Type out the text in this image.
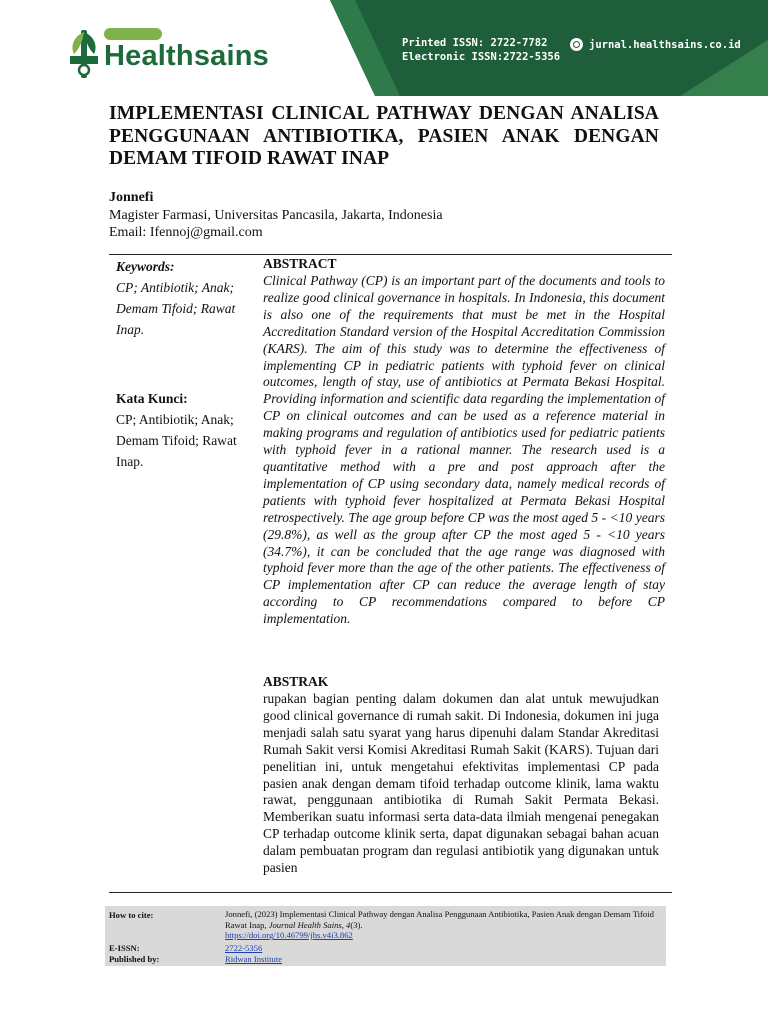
Healthsains	Printed ISSN: 2722-7782
Electronic ISSN:2722-5356
jurnal.healthsains.co.id
IMPLEMENTASI CLINICAL PATHWAY DENGAN ANALISA PENGGUNAAN ANTIBIOTIKA, PASIEN ANAK DENGAN DEMAM TIFOID RAWAT INAP
Jonnefi
Magister Farmasi, Universitas Pancasila, Jakarta, Indonesia
Email: Ifennoj@gmail.com
Keywords:
CP; Antibiotik; Anak; Demam Tifoid; Rawat Inap.
Kata Kunci:
CP; Antibiotik; Anak; Demam Tifoid; Rawat Inap.
ABSTRACT
Clinical Pathway (CP) is an important part of the documents and tools to realize good clinical governance in hospitals. In Indonesia, this document is also one of the requirements that must be met in the Hospital Accreditation Standard version of the Hospital Accreditation Commission (KARS). The aim of this study was to determine the effectiveness of implementing CP in pediatric patients with typhoid fever on clinical outcomes, length of stay, use of antibiotics at Permata Bekasi Hospital. Providing information and scientific data regarding the implementation of CP on clinical outcomes and can be used as a reference material in making programs and regulation of antibiotics used for pediatric patients with typhoid fever in a rational manner. The research used is a quantitative method with a pre and post approach after the implementation of CP using secondary data, namely medical records of patients with typhoid fever hospitalized at Permata Bekasi Hospital retrospectively. The age group before CP was the most aged 5 - <10 years (29.8%), as well as the group after CP the most aged 5 - <10 years (34.7%), it can be concluded that the age range was diagnosed with typhoid fever more than the age of the other patients. The effectiveness of CP implementation after CP can reduce the average length of stay according to CP recommendations compared to before CP implementation.
ABSTRAK
rupakan bagian penting dalam dokumen dan alat untuk mewujudkan good clinical governance di rumah sakit. Di Indonesia, dokumen ini juga menjadi salah satu syarat yang harus dipenuhi dalam Standar Akreditasi Rumah Sakit versi Komisi Akreditasi Rumah Sakit (KARS). Tujuan dari penelitian ini, untuk mengetahui efektivitas implementasi CP pada pasien anak dengan demam tifoid terhadap outcome klinik, lama waktu rawat, penggunaan antibiotika di Rumah Sakit Permata Bekasi. Memberikan suatu informasi serta data-data ilmiah mengenai penegakan CP terhadap outcome klinik serta, dapat digunakan sebagai bahan acuan dalam pembuatan program dan regulasi antibiotik yang digunakan untuk pasien
How to cite:	Jonnefi, (2023) Implementasi Clinical Pathway dengan Analisa Penggunaan Antibiotika, Pasien Anak dengan Demam Tifoid Rawat Inap, Journal Health Sains, 4(3).
https://doi.org/10.46799/jhs.v4i3.862
E-ISSN:	2722-5356
Published by:	Ridwan Institute
